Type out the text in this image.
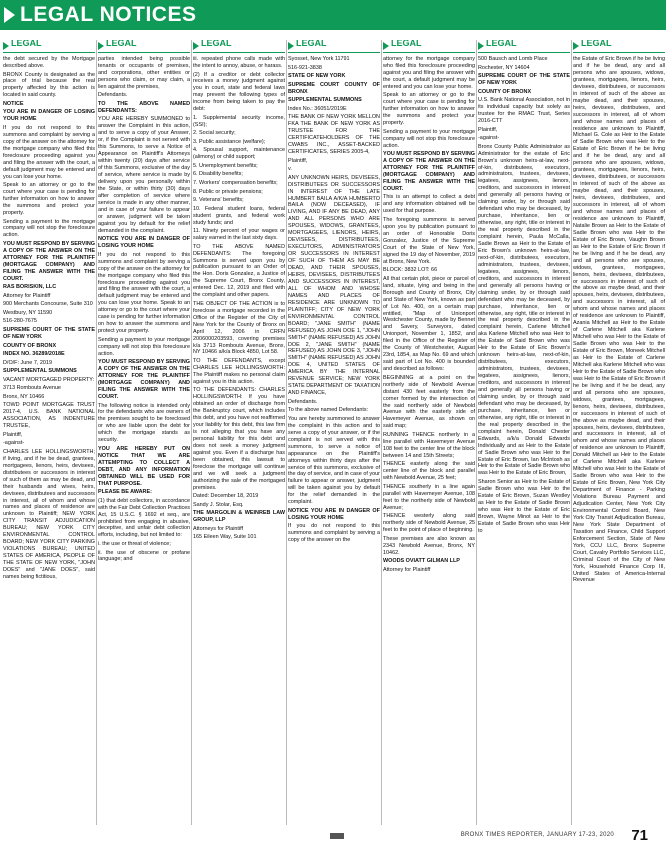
LEGAL NOTICES
LEGAL

the debt secured by the Mortgage described above.

BRONX County is designated as the place of trial because the real property affected by this action is located in said county.

NOTICE

YOU ARE IN DANGER OF LOSING YOUR HOME

If you do not respond to this summons and complaint by serving a copy of the answer on the attorney for the mortgage company who filed this foreclosure proceeding against you and filing the answer with the court, a default judgment may be entered and you can lose your home.

Speak to an attorney or go to the court where your case is pending for further information on how to answer the summons and protect your property.

Sending a payment to the mortgage company will not stop the foreclosure action.

YOU MUST RESPOND BY SERVING A COPY OF THE ANSWER ON THE ATTORNEY FOR THE PLAINTIFF (MORTGAGE COMPANY) AND FILING THE ANSWER WITH THE COURT.

RAS BORISKIN, LLC

Attorney for Plaintiff

900 Merchants Concourse, Suite 310

Westbury, NY 11590

516-280-7675

SUPREME COURT OF THE STATE OF NEW YORK

COUNTY OF BRONX

INDEX NO. 36289/2018E

D/O/F: June 7, 2019

SUPPLEMENTAL SUMMONS

VACANT MORTGAGED PROPERTY:

3713 Rombouts Avenue

Bronx, NY 10466

TOWD POINT MORTGAGE TRUST 2017-4, U.S. BANK NATIONAL ASSOCIATION, AS INDENTURE TRUSTEE,

Plaintiff,

-against-

CHARLES LEE HOLLINGSWORTH; if living, and if he be dead, grantees, mortgagees, lienors, heirs, devisees, distributees or successors in interest of such of them as may be dead, and their husbands and wives, heirs, devisees, distributees and successors in interest, all of whom and whose names and places of residence are unknown to Plaintiff; NEW YORK CITY TRANSIT ADJUDICATION BUREAU; NEW YORK CITY ENVIRONMENTAL CONTROL BOARD; NEW YORK CITY PARKING VIOLATIONS BUREAU; UNITED STATES OF AMERICA, PEOPLE OF THE STATE OF NEW YORK, "JOHN DOES" and "JANE DOES", said names being fictitious,

LEGAL

parties intended being possible tenants or occupants of premises, and corporations, other entities or persons who claim, or may claim, a lien against the premises,

Defendants.

TO THE ABOVE NAMED DEFENDANTS:

YOU ARE HEREBY SUMMONED to answer the Complaint in this action, and to serve a copy of your Answer, or, if the Complaint is not served with this Summons, to serve a Notice of Appearance on Plaintiff's Attorneys within twenty (20) days after service of this Summons, exclusive of the day of service, where service is made by delivery upon you personally within the State, or within thirty (30) days after completion of service where service is made in any other manner, and in case of your failure to appear or answer, judgment will be taken against you by default for the relief demanded in the complaint.

NOTICE YOU ARE IN DANGER OF LOSING YOUR HOME

If you do not respond to this summons and complaint by serving a copy of the answer on the attorney for the mortgage company who filed this foreclosure proceeding against you and filing the answer with the court, a default judgment may be entered and you can lose your home. Speak to an attorney or go to the court where your case is pending for further information on how to answer the summons and protect your property.

Sending a payment to your mortgage company will not stop this foreclosure action.

YOU MUST RESPOND BY SERVING A COPY OF THE ANSWER ON THE ATTORNEY FOR THE PLAINTIFF (MORTGAGE COMPANY) AND FILING THE ANSWER WITH THE COURT.

The following notice is intended only for the defendants who are owners of the premises sought to be foreclosed or who are liable upon the debt for which the mortgage stands as security.

YOU ARE HEREBY PUT ON NOTICE THAT WE ARE ATTEMPTING TO COLLECT A DEBT, AND ANY INFORMATION OBTAINED WILL BE USED FOR THAT PURPOSE.

PLEASE BE AWARE:

(1) that debt collectors, in accordance with the Fair Debt Collection Practices Act, 15 U.S.C. § 1692 et seq., are prohibited from engaging in abusive, deceptive, and unfair debt collection efforts, including, but not limited to:

i. the use or threat of violence;

ii. the use of obscene or profane language; and

LEGAL

iii. repeated phone calls made with the intent to annoy, abuse, or harass.

(2) If a creditor or debt collector receives a money judgment against you in court, state and federal laws may prevent the following types of income from being taken to pay the debt:

1. Supplemental security income, (SSI);

2. Social security;

3. Public assistance (welfare);

4. Spousal support, maintenance (alimony) or child support;

5. Unemployment benefits;

6. Disability benefits;

7. Workers' compensation benefits;

8. Public or private pensions;

9. Veterans' benefits;

10. Federal student loans, federal student grants, and federal work study funds; and

11. Ninety percent of your wages or salary earned in the last sixty days.

TO THE ABOVE NAMED DEFENDANTS: The foregoing Summons is served upon you by publication pursuant to an Order of the Hon. Doris Gonzalez, a Justice of the Supreme Court, Bronx County, entered Dec. 12, 2019 and filed with the complaint and other papers.

THE OBJECT OF THE ACTION is to foreclose a mortgage recorded in the Office of the Register of the City of New York for the County of Bronx on April 12, 2006 in CRFN 2006000203593, covering premises k/a 3713 Rombouts Avenue, Bronx, NY 10466 a/k/a Block 4850, Lot 58.

TO THE DEFENDANTS, except CHARLES LEE HOLLINGSWORTH: The Plaintiff makes no personal claim against you in this action.

TO THE DEFENDANTS: CHARLES HOLLINGSWORTH: If you have obtained an order of discharge from the Bankruptcy court, which includes this debt, and you have not reaffirmed your liability for this debt, this law firm is not alleging that you have any personal liability for this debt and does not seek a money judgment against you. Even if a discharge has been obtained, this lawsuit to foreclose the mortgage will continue and we will seek a judgment authorizing the sale of the mortgaged premises.

Dated: December 18, 2019

Sandy J. Stolar, Esq.

THE MARGOLIN & WEINREB LAW GROUP, LLP

Attorneys for Plaintiff

165 Eileen Way, Suite 101

LEGAL

Syosset, New York 11791

516-921-3838

STATE OF NEW YORK

SUPREME COURT COUNTY OF BRONX

SUPPLEMENTAL SUMMONS

Index No.: 36051/2019E

THE BANK OF NEW YORK MELLON FKA THE BANK OF NEW YORK AS TRUSTEE FOR THE CERTIFICATEHOLDERS OF THE CWABS INC., ASSET-BACKED CERTIFICATES, SERIES 2005-4,

Plaintiff,

v.

ANY UNKNOWN HEIRS, DEVISEES, DISTRIBUTEES OR SUCCESSORS IN INTEREST OF THE LATE HUMBERT BAILA A/K/A HUMBERTO BAILA (NOW DECEASED), IF LIVING, AND IF ANY BE DEAD, ANY AND ALL PERSONS WHO ARE SPOUSES, WIDOWS, GRANTEES, MORTGAGEES, LIENORS, HEIRS, DEVISEES, DISTRIBUTEES, EXECUTORS, ADMINISTRATORS OR SUCCESSORS IN INTEREST OF SUCH OF THEM AS MAY BE DEAD, AND THEIR SPOUSES, HEIRS, DEVISEES, DISTRIBUTEES AND SUCCESSORS IN INTEREST, ALL OF WHOM AND WHOSE NAMES AND PLACES OF RESIDENCE ARE UNKNOWN TO PLAINTIFF; CITY OF NEW YORK ENVIRONMENTAL CONTROL BOARD; "JANE SMITH" (NAME REFUSED) AS JOHN DOE 1, "JOHN SMITH" (NAME REFUSED) AS JOHN DOE 2, "JANE SMITH" (NAME REFUSED) AS JOHN DOE 3, "JOHN SMITH" (NAME REFUSED) AS JOHN DOE 4, UNITED STATES OF AMERICA BY THE INTERNAL REVENUE SERVICE; NEW YORK STATE DEPARTMENT OF TAXATION AND FINANCE,

Defendants.

To the above named Defendants:

You are hereby summoned to answer the complaint in this action and to serve a copy of your answer, or if the complaint is not served with this summons, to serve a notice of appearance on the Plaintiff's attorneys within thirty days after the service of this summons, exclusive of the day of service, and in case of your failure to appear or answer, judgment will be taken against you by default for the relief demanded in the complaint.

NOTICE YOU ARE IN DANGER OF LOSING YOUR HOME

If you do not respond to this summons and complaint by serving a copy of the answer on the

LEGAL

attorney for the mortgage company who filed this foreclosure proceeding against you and filing the answer with the court, a default judgment may be entered and you can lose your home.

Speak to an attorney or go to the court where your case is pending for further information on how to answer the summons and protect your property.

Sending a payment to your mortgage company will not stop this foreclosure action.

YOU MUST RESPOND BY SERVING A COPY OF THE ANSWER ON THE ATTORNEY FOR THE PLAINTIFF (MORTGAGE COMPANY) AND FILING THE ANSWER WITH THE COURT.

This is an attempt to collect a debt and any information obtained will be used for that purpose.

The foregoing summons is served upon you by publication pursuant to an order of Honorable Doris Gonzalez, Justice of the Supreme Court of the State of New York, signed the 19 day of November, 2019 at Bronx, New York.

BLOCK: 3832 LOT: 66

All that certain plot, piece or parcel of land, situate, lying and being in the Borough and County of Bronx, City and State of New York, known as part of Lot No. 400, on a certain map entitled, "Map of Unionport Westchester County, made by Bennet and Savery, Surveyors, dated Unionport, November 1, 1852, and filed in the Office of the Register of the County of Westchester, August 23rd, 1854, as Map No. 69 and which said part of Lot No. 400 is bounded and described as follows:

BEGINNING at a point on the northerly side of Newbold Avenue distant 430 feet easterly from the corner formed by the intersection of the said northerly side of Newbold Avenue with the easterly side of Havemeyer Avenue, as shown on said map;

RUNNING THENCE northerly in a line parallel with Havemeyer Avenue 108 feet to the center line of the block between 14 and 15th Streets;

THENCE easterly along the said center line of the block and parallel with Newbold Avenue, 25 feet;

THENCE southerly in a line again parallel with Havemeyer Avenue, 108 feet to the northerly side of Newbold Avenue;

THENCE westerly along said northerly side of Newbold Avenue, 25 feet to the point of place of beginning.

These premises are also known as 2343 Newbold Avenue, Bronx, NY 10462.

WOODS OVIATT GILMAN LLP

Attorney for Plaintiff

LEGAL

500 Bausch and Lomb Place

Rochester, NY 14604

SUPREME COURT OF THE STATE OF NEW YORK

COUNTY OF BRONX

U.S. Bank National Association, not in its individual capacity but solely as trustee for the RMAC Trust, Series 2016-CTT

Plaintiff,

-against-

Bronx County Public Administrator as Administrator for the estate of Eric Brown's unknown heirs-at-law, next-of-kin, distributees, executors, administrators, trustees, devisees, legatees, assignees, lienors, creditors, and successors in interest and generally all persons having or claiming under, by or through said defendant who may be deceased, by purchase, inheritance, lien or otherwise, any right, title or interest in the real property described in the complaint herein, Paula McCalla, Sadie Brown as Heir to the Estate of Eric Brown's unknown heirs-at-law, next-of-kin, distributees, executors, administrators, trustees, devisees, legatees, assignees, lienors, creditors, and successors in interest and generally all persons having or claiming under, by or through said defendant who may be deceased, by purchase, inheritance, lien or otherwise, any right, title or interest in the real property described in the complaint herein, Carlene Mitchell aka Karlene Mitchell who was Heir to the Estate of Said Brown who was Heir to the Estate of Eric Brown's unknown heirs-at-law, next-of-kin, distributees, executors, administrators, trustees, devisees, legatees, assignees, lienors, creditors, and successors in interest and generally all persons having or claiming under, by or through said defendant who may be deceased, by purchase, inheritance, lien or otherwise, any right, title or interest in the real property described in the complaint herein, Donald Chester Edwards, a/k/a Donald Edwards Individually and as Heir to the Estate of Sadie Brown who was Heir to the Estate of Eric Brown, Ian McIntosh as Heir to the Estate of Sadie Brown who was Heir to the Estate of Eric Brown,

Sharon Senior as Heir to the Estate of Sadie Brown who was Heir to the Estate of Eric Brown, Suzan Westley as Heir to the Estate of Sadie Brown who was Heir to the Estate of Eric Brown, Wayne Minot as Heir to the Estate of Sadie Brown who was Heir to

LEGAL

the Estate of Eric Brown if he be living and if he be dead, any and all persons who are spouses, widows, grantees, mortgagees, lienors, heirs, devisees, distributees, or successors in interest of such of the above as maybe dead, and their spouses, heirs, devisees, distributees, and successors in interest, all of whom and whose names and places of residence are unknown to Plaintiff, Michael G. Cole as Heir to the Estate of Sadie Brown who was Heir to the Estate of Eric Brown if he be living and if he be dead, any and all persons who are spouses, widows, grantees, mortgagees, lienors, heirs, devisees, distributees, or successors in interest of such of the above as maybe dead, and their spouses, heirs, devisees, distributees, and successors in interest, all of whom and whose names and places of residence are unknown to Plaintiff, Natalie Brown as Heir to the Estate of Sadie Brown who was Heir to the Estate of Eric Brown, Vaughn Brown as Heir to the Estate of Eric Brown if he be living and if he be dead, any and all persons who are spouses, widows, grantees, mortgagees, lienors, heirs, devisees, distributees, or successors in interest of such of the above as maybe dead, and their spouses, heirs, devisees, distributees, and successors in interest, all of whom and whose names and places of residence are unknown to Plaintiff, Azania Mitchell as Heir to the Estate of Carlene Mitchell aka Karlene Mitchell who was Heir to the Estate of Sadie Brown who was Heir to the Estate of Eric Brown, Moneek Mitchell as Heir to the Estate of Carlene Mitchell aka Karlene Mitchell who was Heir to the Estate of Sadie Brown who was Heir to the Estate of Eric Brown if he be living and if he be dead, any and all persons who are spouses, widows, grantees, mortgagees, lienors, heirs, devisees, distributees, or successors in interest of such of the above as maybe dead, and their spouses, heirs, devisees, distributees, and successors in interest, all of whom and whose names and places of residence are unknown to Plaintiff, Donald Mitchell as Heir to the Estate of Carlene Mitchell aka Karlene Mitchell who was Heir to the Estate of Sadie Brown who was Heir to the Estate of Eric Brown, New York City Department of Finance - Parking Violations Bureau Payment and Adjudication Center, New York City Environmental Control Board, New York City Transit Adjudication Bureau, New York State Department of Taxation and Finance, Child Support Enforcement Section, State of New York, CCU LLC, Bronx Supreme Court, Cavalry Portfolio Services LLC, Criminal Court of the City of New York, Household Finance Corp III, United States of America-Internal Revenue

BRONX TIMES REPORTER, JANUARY 17-23, 2020 71
